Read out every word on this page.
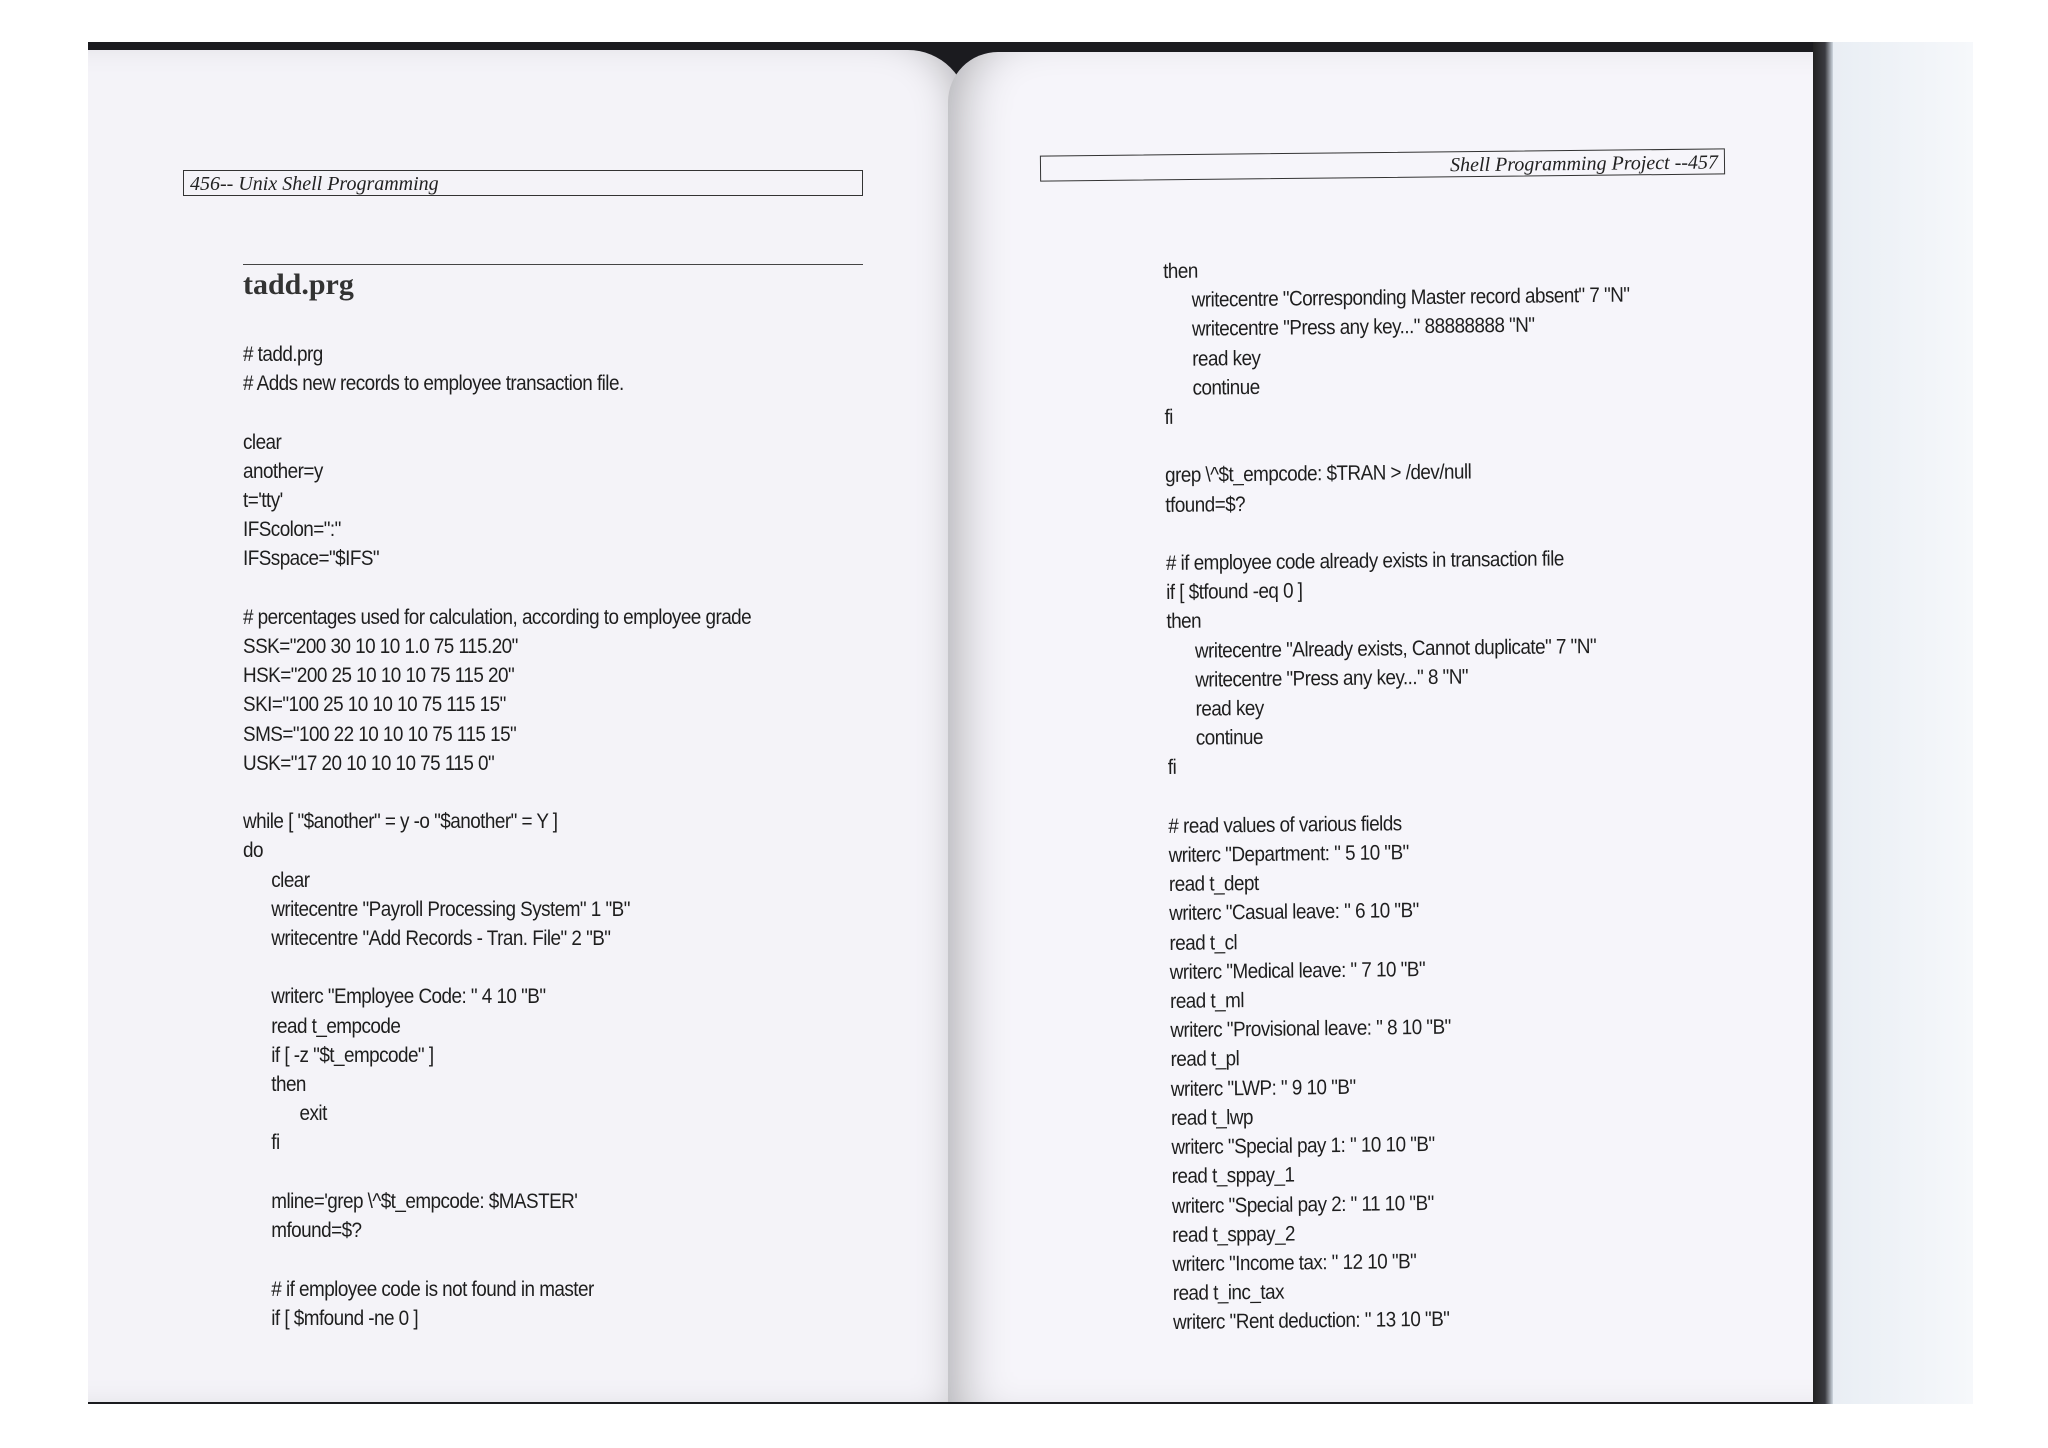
456-- Unix Shell Programming
tadd.prg
# tadd.prg
# Adds new records to employee transaction file.

clear
another=y
t='tty'
IFScolon=":"
IFSspace="$IFS"

# percentages used for calculation, according to employee grade
SSK="200 30 10 10 1.0 75 115.20"
HSK="200 25 10 10 10 75 115 20"
SKI="100 25 10 10 10 75 115 15"
SMS="100 22 10 10 10 75 115 15"
USK="17 20 10 10 10 75 115 0"

while [ "$another" = y -o "$another" = Y ]
do
clear
writecentre "Payroll Processing System" 1 "B"
writecentre "Add Records - Tran. File" 2 "B"

writerc "Employee Code: " 4 10 "B"
read t_empcode
if [ -z "$t_empcode" ]
then
exit
fi

mline='grep \^$t_empcode: $MASTER'
mfound=$?

# if employee code is not found in master
if [ $mfound -ne 0 ]
Shell Programming Project --457
then
writecentre "Corresponding Master record absent" 7 "N"
writecentre "Press any key..." 88888888 "N"
read key
continue
fi

grep \^$t_empcode: $TRAN > /dev/null
tfound=$?

# if employee code already exists in transaction file
if [ $tfound -eq 0 ]
then
writecentre "Already exists, Cannot duplicate" 7 "N"
writecentre "Press any key..." 8 "N"
read key
continue
fi

# read values of various fields
writerc "Department: " 5 10 "B"
read t_dept
writerc "Casual leave: " 6 10 "B"
read t_cl
writerc "Medical leave: " 7 10 "B"
read t_ml
writerc "Provisional leave: " 8 10 "B"
read t_pl
writerc "LWP: " 9 10 "B"
read t_lwp
writerc "Special pay 1: " 10 10 "B"
read t_sppay_1
writerc "Special pay 2: " 11 10 "B"
read t_sppay_2
writerc "Income tax: " 12 10 "B"
read t_inc_tax
writerc "Rent deduction: " 13 10 "B"
